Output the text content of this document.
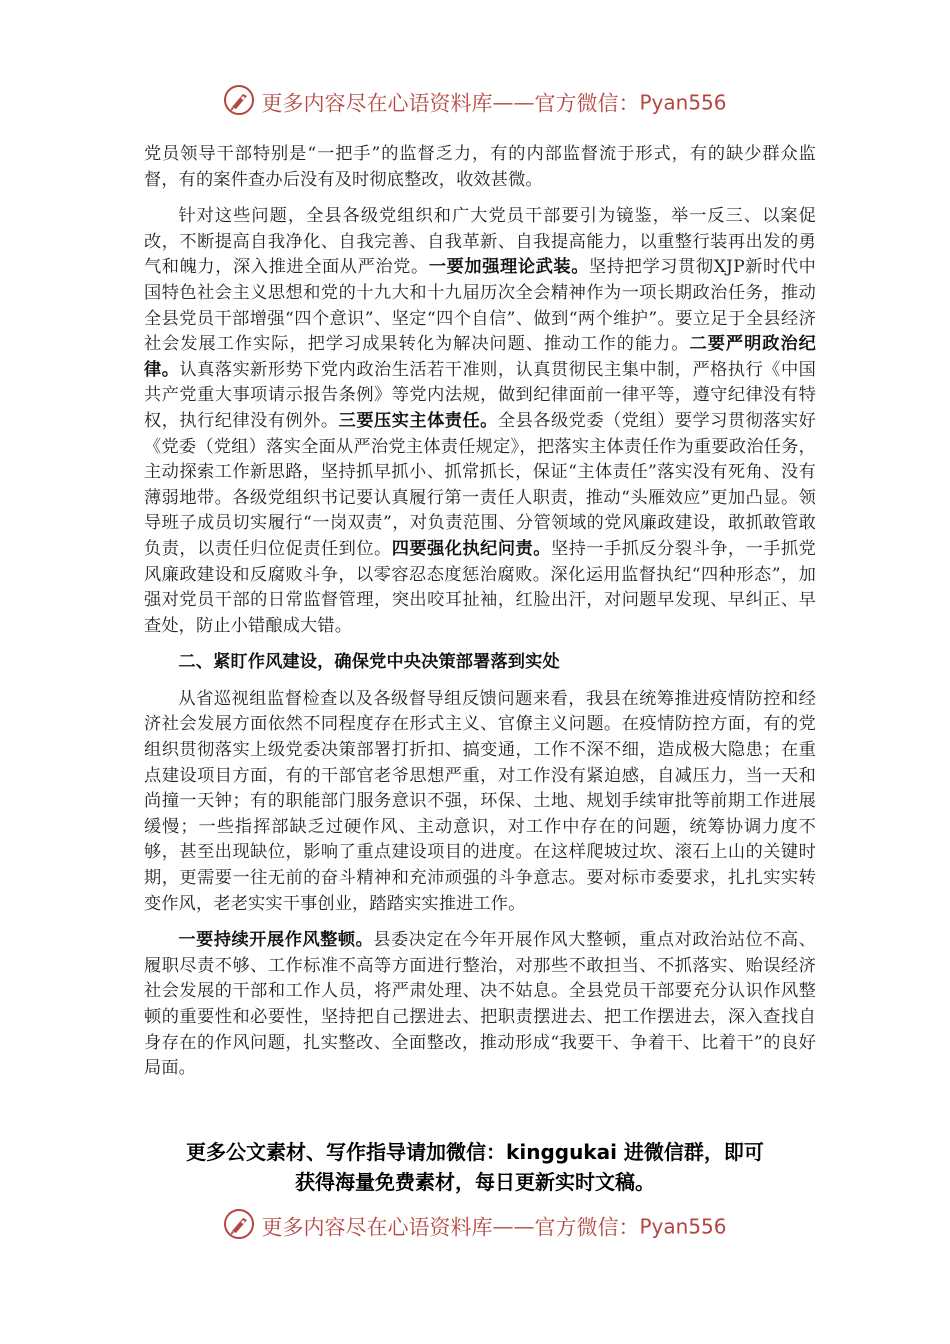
更多内容尽在心语资料库——官方微信：Pyan556

党员领导干部特别是“一把手”的监督乏力，有的内部监督流于形式，有的缺少群众监督，有的案件查办后没有及时彻底整改，收效甚微。

针对这些问题，全县各级党组织和广大党员干部要引为镜鉴，举一反三、以案促改，不断提高自我净化、自我完善、自我革新、自我提高能力，以重整行装再出发的勇气和魄力，深入推进全面从严治党。一要加强理论武装。坚持把学习贯彻XJP新时代中国特色社会主义思想和党的十九大和十九届历次全会精神作为一项长期政治任务，推动全县党员干部增强“四个意识”、坚定“四个自信”、做到“两个维护”。要立足于全县经济社会发展工作实际，把学习成果转化为解决问题、推动工作的能力。二要严明政治纪律。认真落实新形势下党内政治生活若干准则，认真贯彻民主集中制，严格执行《中国共产党重大事项请示报告条例》等党内法规，做到纪律面前一律平等，遵守纪律没有特权，执行纪律没有例外。三要压实主体责任。全县各级党委（党组）要学习贯彻落实好《党委（党组）落实全面从严治党主体责任规定》，把落实主体责任作为重要政治任务，主动探索工作新思路，坚持抓早抓小、抓常抓长，保证“主体责任”落实没有死角、没有薄弱地带。各级党组织书记要认真履行第一责任人职责，推动“头雁效应”更加凸显。领导班子成员切实履行“一岗双责”，对负责范围、分管领域的党风廉政建设，敢抓敢管敢负责，以责任归位促责任到位。四要强化执纪问责。坚持一手抓反分裂斗争，一手抓党风廉政建设和反腐败斗争，以零容忍态度惩治腐败。深化运用监督执纪“四种形态”，加强对党员干部的日常监督管理，突出咬耳扯袖，红脸出汗，对问题早发现、早纠正、早查处，防止小错酿成大错。

二、紧盯作风建设，确保党中央决策部署落到实处

从省巡视组监督检查以及各级督导组反馈问题来看，我县在统筹推进疫情防控和经济社会发展方面依然不同程度存在形式主义、官僚主义问题。在疫情防控方面，有的党组织贯彻落实上级党委决策部署打折扣、搞变通，工作不深不细，造成极大隐患；在重点建设项目方面，有的干部官老爷思想严重，对工作没有紧迫感，自减压力，当一天和尚撞一天钟；有的职能部门服务意识不强，环保、土地、规划手续审批等前期工作进展缓慢；一些指挥部缺乏过硬作风、主动意识，对工作中存在的问题，统筹协调力度不够，甚至出现缺位，影响了重点建设项目的进度。在这样爬坡过坎、滚石上山的关键时期，更需要一往无前的奋斗精神和充沛顽强的斗争意志。要对标市委要求，扎扎实实转变作风，老老实实干事创业，踏踏实实推进工作。

一要持续开展作风整顿。县委决定在今年开展作风大整顿，重点对政治站位不高、履职尽责不够、工作标准不高等方面进行整治，对那些不敢担当、不抓落实、贻误经济社会发展的干部和工作人员，将严肃处理、决不姑息。全县党员干部要充分认识作风整顿的重要性和必要性，坚持把自己摆进去、把职责摆进去、把工作摆进去，深入查找自身存在的作风问题，扎实整改、全面整改，推动形成“我要干、争着干、比着干”的良好局面。

更多公文素材、写作指导请加微信：kinggukai 进微信群，即可
获得海量免费素材，每日更新实时文稿。
更多内容尽在心语资料库——官方微信：Pyan556
